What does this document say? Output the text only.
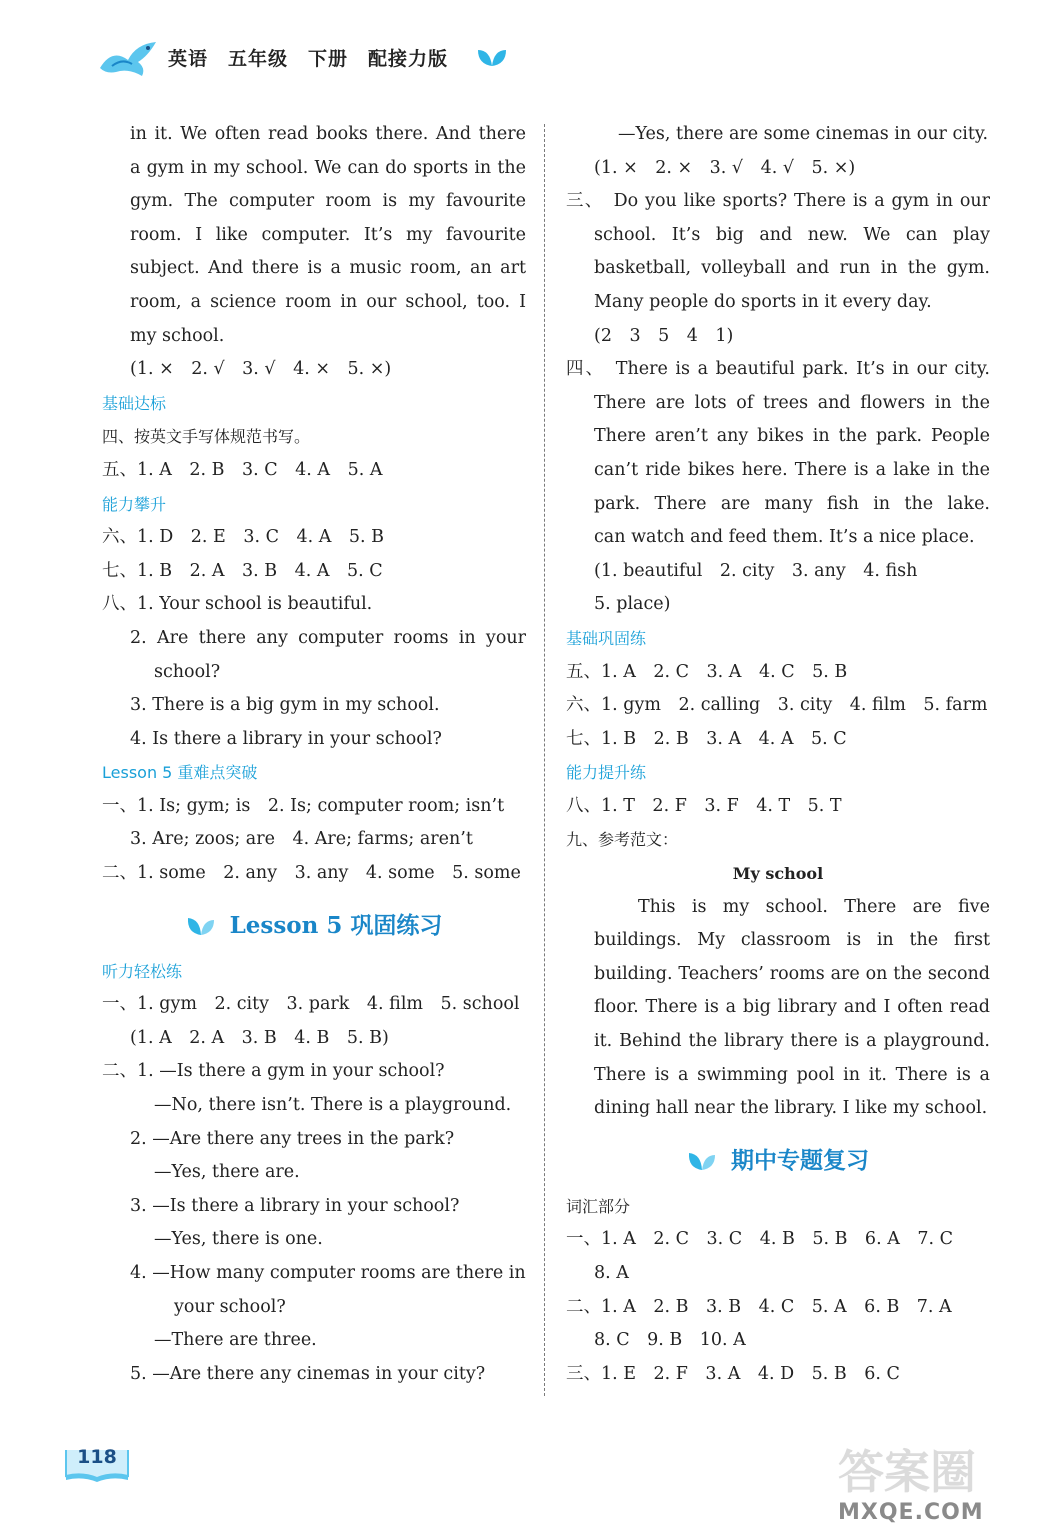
英语　五年级　下册　配接力版
in it. We often read books there. And there
a gym in my school. We can do sports in the
gym. The computer room is my favourite
room. I like computer. It’s my favourite
subject. And there is a music room, an art
room, a science room in our school, too. I
my school.
(1. ×　2. √　3. √　4. ×　5. ×)
基础达标
四、按英文手写体规范书写。
五、1. A　2. B　3. C　4. A　5. A
能力攀升
六、1. D　2. E　3. C　4. A　5. B
七、1. B　2. A　3. B　4. A　5. C
八、1. Your school is beautiful.
2. Are there any computer rooms in your
school?
3. There is a big gym in my school.
4. Is there a library in your school?
Lesson 5 重难点突破
一、1. Is; gym; is　2. Is; computer room; isn’t
3. Are; zoos; are　4. Are; farms; aren’t
二、1. some　2. any　3. any　4. some　5. some
Lesson 5 巩固练习
听力轻松练
一、1. gym　2. city　3. park　4. film　5. school
(1. A　2. A　3. B　4. B　5. B)
二、1. —Is there a gym in your school?
—No, there isn’t. There is a playground.
2. —Are there any trees in the park?
—Yes, there are.
3. —Is there a library in your school?
—Yes, there is one.
4. —How many computer rooms are there in
your school?
—There are three.
5. —Are there any cinemas in your city?
—Yes, there are some cinemas in our city.
(1. ×　2. ×　3. √　4. √　5. ×)
三、　Do you like sports? There is a gym in our
school. It’s big and new. We can play
basketball, volleyball and run in the gym.
Many people do sports in it every day.
(2　3　5　4　1)
四、　There is a beautiful park. It’s in our city.
There are lots of trees and flowers in the
There aren’t any bikes in the park. People
can’t ride bikes here. There is a lake in the
park. There are many fish in the lake.
can watch and feed them. It’s a nice place.
(1. beautiful　2. city　3. any　4. fish
5. place)
基础巩固练
五、1. A　2. C　3. A　4. C　5. B
六、1. gym　2. calling　3. city　4. film　5. farm
七、1. B　2. B　3. A　4. A　5. C
能力提升练
八、1. T　2. F　3. F　4. T　5. T
九、参考范文：
My school
This is my school. There are five
buildings. My classroom is in the first
building. Teachers’ rooms are on the second
floor. There is a big library and I often read
it. Behind the library there is a playground.
There is a swimming pool in it. There is a
dining hall near the library. I like my school.
期中专题复习
词汇部分
一、1. A　2. C　3. C　4. B　5. B　6. A　7. C
8. A
二、1. A　2. B　3. B　4. C　5. A　6. B　7. A
8. C　9. B　10. A
三、1. E　2. F　3. A　4. D　5. B　6. C
118	答案圈
MXQE.COM
